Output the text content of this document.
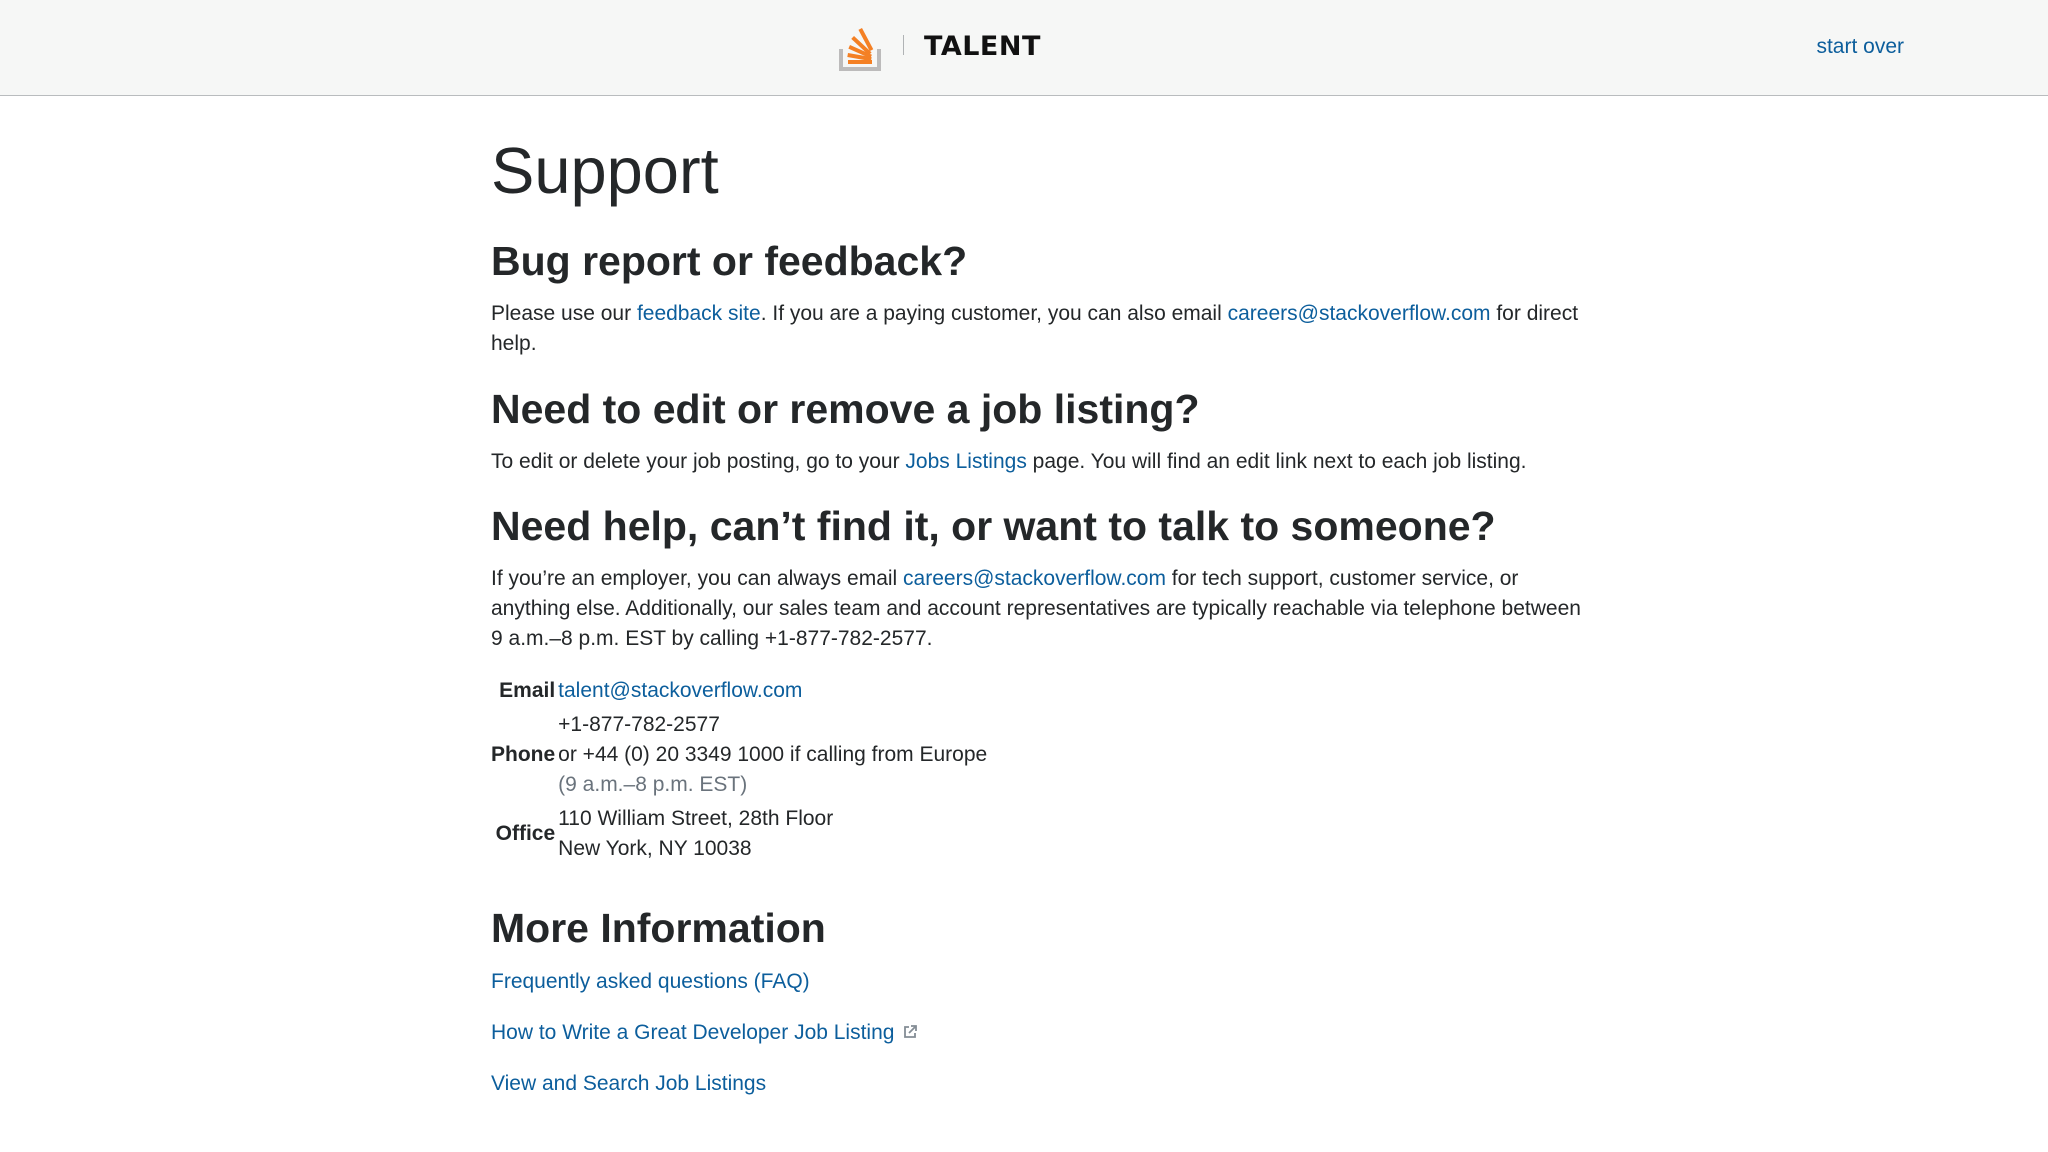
TALENT	start over
Support
Bug report or feedback?

Please use our feedback site. If you are a paying customer, you can also email careers@stackoverflow.com for direct help.

Need to edit or remove a job listing?

To edit or delete your job posting, go to your Jobs Listings page. You will find an edit link next to each job listing.

Need help, can’t find it, or want to talk to someone?

If you’re an employer, you can always email careers@stackoverflow.com for tech support, customer service, or anything else. Additionally, our sales team and account representatives are typically reachable via telephone between 9 a.m.–8 p.m. EST by calling +1-877-782-2577.

Email	talent@stackoverflow.com
Phone	+1-877-782-2577
or +44 (0) 20 3349 1000 if calling from Europe
(9 a.m.–8 p.m. EST)

Office	110 William Street, 28th Floor
New York, NY 10038
More Information

Frequently asked questions (FAQ)

How to Write a Great Developer Job Listing

View and Search Job Listings
